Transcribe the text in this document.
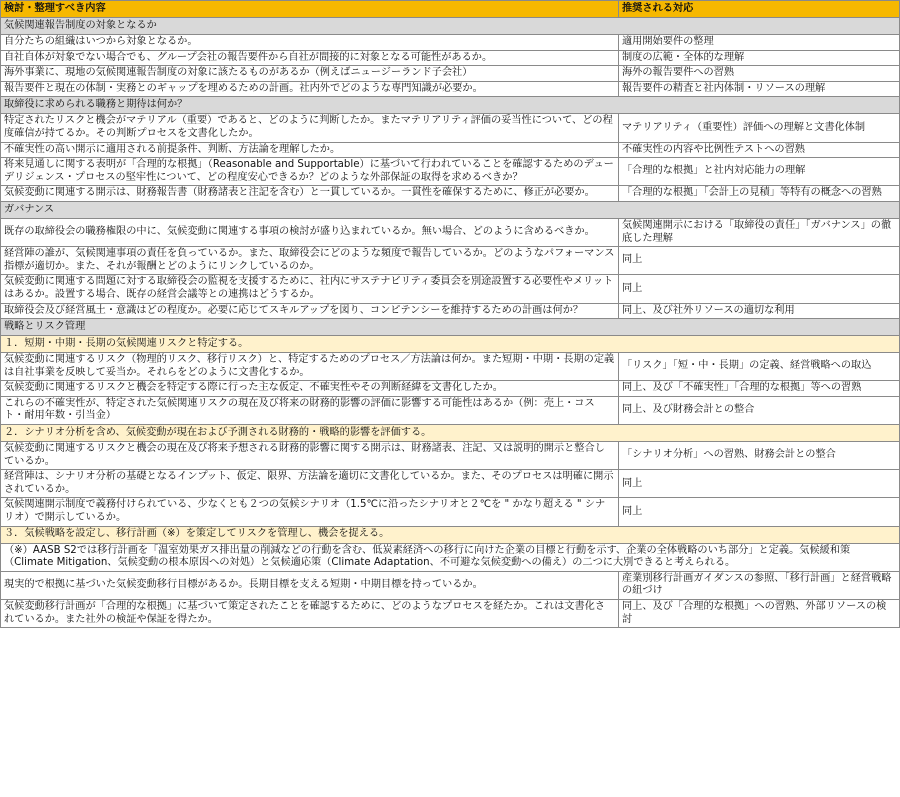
検討・整理すべき内容	推奨される対応
気候関連報告制度の対象となるか	
自分たちの組織はいつから対象となるか。	適用開始要件の整理
自社自体が対象でない場合でも、グループ会社の報告要件から自社が間接的に対象となる可能性があるか。	制度の広範・全体的な理解
海外事業に、現地の気候関連報告制度の対象に該たるものがあるか（例えばニュージーランド子会社）	海外の報告要件への習熟
報告要件と現在の体制・実務とのギャップを埋めるための計画。社内外でどのような専門知識が必要か。	報告要件の精査と社内体制・リソースの理解
取締役に求められる職務と期待は何か？	
特定されたリスクと機会がマテリアル（重要）であると、どのように判断したか。またマテリアリティ評価の妥当性について、どの程度確信が持てるか。その判断プロセスを文書化したか。	マテリアリティ（重要性）評価への理解と文書化体制
不確実性の高い開示に適用される前提条件、判断、方法論を理解したか。	不確実性の内容や比例性テストへの習熟
将来見通しに関する表明が「合理的な根拠」（Reasonable and Supportable）に基づいて行われていることを確認するためのデューデリジェンス・プロセスの堅牢性について、どの程度安心できるか？どのような外部保証の取得を求めるべきか？	「合理的な根拠」と社内対応能力の理解
気候変動に関連する開示は、財務報告書（財務諸表と注記を含む）と一貫しているか。一貫性を確保するために、修正が必要か。	「合理的な根拠」「会計上の見積」等特有の概念への習熟
ガバナンス	
既存の取締役会の職務権限の中に、気候変動に関連する事項の検討が盛り込まれているか。無い場合、どのように含めるべきか。	気候関連開示における「取締役の責任」「ガバナンス」の徹底した理解
経営陣の誰が、気候関連事項の責任を負っているか。また、取締役会にどのような頻度で報告しているか。どのようなパフォーマンス指標が適切か。また、それが報酬とどのようにリンクしているのか。	同上
気候変動に関連する問題に対する取締役会の監視を支援するために、社内にサステナビリティ委員会を別途設置する必要性やメリットはあるか。設置する場合、既存の経営会議等との連携はどうするか。	同上
取締役会及び経営風土・意識はどの程度か。必要に応じてスキルアップを図り、コンピテンシーを維持するための計画は何か？	同上、及び社外リソースの適切な利用
戦略とリスク管理	
１．短期・中期・長期の気候関連リスクと特定する。	
気候変動に関連するリスク（物理的リスク、移行リスク）と、特定するためのプロセス／方法論は何か。また短期・中期・長期の定義は自社事業を反映して妥当か。それらをどのように文書化するか。	「リスク」「短・中・長期」の定義、経営戦略への取込
気候変動に関連するリスクと機会を特定する際に行った主な仮定、不確実性やその判断経緯を文書化したか。	同上、及び「不確実性」「合理的な根拠」等への習熟
これらの不確実性が、特定された気候関連リスクの現在及び将来の財務的影響の評価に影響する可能性はあるか（例：売上・コスト・耐用年数・引当金）	同上、及び財務会計との整合
２．シナリオ分析を含め、気候変動が現在および予測される財務的・戦略的影響を評価する。	
気候変動に関連するリスクと機会の現在及び将来予想される財務的影響に関する開示は、財務諸表、注記、又は説明的開示と整合しているか。	「シナリオ分析」への習熟、財務会計との整合
経営陣は、シナリオ分析の基礎となるインプット、仮定、限界、方法論を適切に文書化しているか。また、そのプロセスは明確に開示されているか。	同上
気候関連開示制度で義務付けられている、少なくとも２つの気候シナリオ（1.5℃に沿ったシナリオと２℃を " かなり超える " シナリオ）で開示しているか。	同上
３．気候戦略を設定し、移行計画（※）を策定してリスクを管理し、機会を捉える。	
（※）AASB S2では移行計画を「温室効果ガス排出量の削減などの行動を含む、低炭素経済への移行に向けた企業の目標と行動を示す、企業の全体戦略のいち部分」と定義。気候緩和策（Climate Mitigation、気候変動の根本原因への対処）と気候適応策（Climate Adaptation、不可避な気候変動への備え）の二つに大別できると考えられる。	
現実的で根拠に基づいた気候変動移行目標があるか。長期目標を支える短期・中期目標を持っているか。	産業別移行計画ガイダンスの参照、「移行計画」と経営戦略の紐づけ
気候変動移行計画が「合理的な根拠」に基づいて策定されたことを確認するために、どのようなプロセスを経たか。これは文書化されているか。また社外の検証や保証を得たか。	同上、及び「合理的な根拠」への習熟、外部リソースの検討
